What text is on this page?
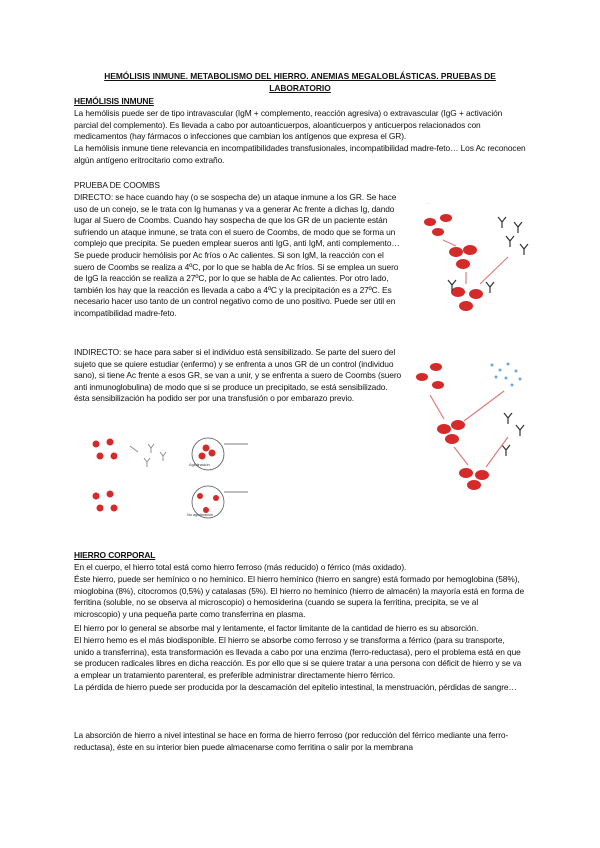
HEMÓLISIS INMUNE. METABOLISMO DEL HIERRO. ANEMIAS MEGALOBLÁSTICAS. PRUEBAS DE LABORATORIO

HEMÓLISIS INMUNE

La hemólisis puede ser de tipo intravascular (IgM + complemento, reacción agresiva) o extravascular (IgG + activación parcial del complemento). Es llevada a cabo por autoanticuerpos, aloanticuerpos y anticuerpos relacionados con medicamentos (hay fármacos o infecciones que cambian los antígenos que expresa el GR).

La hemólisis inmune tiene relevancia en incompatibilidades transfusionales, incompatibilidad madre-feto… Los Ac reconocen algún antígeno eritrocitario como extraño.

PRUEBA DE COOMBS

DIRECTO: se hace cuando hay (o se sospecha de) un ataque inmune a los GR. Se hace uso de un conejo, se le trata con Ig humanas y va a generar Ac frente a dichas Ig, dando lugar al Suero de Coombs. Cuando hay sospecha de que los GR de un paciente están sufriendo un ataque inmune, se trata con el suero de Coombs, de modo que se forma un complejo que precipita. Se pueden emplear sueros anti IgG, anti IgM, anti complemento… Se puede producir hemólisis por Ac fríos o Ac calientes. Si son IgM, la reacción con el suero de Coombs se realiza a 4ºC, por lo que se habla de Ac fríos. Si se emplea un suero de IgG la reacción se realiza a 27ºC, por lo que se habla de Ac calientes. Por otro lado, también los hay que la reacción es llevada a cabo a 4ºC y la precipitación es a 27ºC. Es necesario hacer uso tanto de un control negativo como de uno positivo. Puede ser útil en incompatibilidad madre-feto.

INDIRECTO: se hace para saber si el individuo está sensibilizado. Se parte del suero del sujeto que se quiere estudiar (enfermo) y se enfrenta a unos GR de un control (individuo sano), si tiene Ac frente a esos GR, se van a unir, y se enfrenta a suero de Coombs (suero anti inmunoglobulina) de modo que si se produce un precipitado, se está sensibilizado. ésta sensibilización ha podido ser por una transfusión o por embarazo previo.

…
Aglutinación
No aglutinación

HIERRO CORPORAL

En el cuerpo, el hierro total está como hierro ferroso (más reducido) o férrico (más oxidado).

Éste hierro, puede ser hemínico o no hemínico. El hierro hemínico (hierro en sangre) está formado por hemoglobina (58%), mioglobina (8%), citocromos (0,5%) y catalasas (5%). El hierro no hemínico (hierro de almacén) la mayoría está en forma de ferritina (soluble, no se observa al microscopio) o hemosiderina (cuando se supera la ferritina, precipita, se ve al microscopio) y una pequeña parte como transferrina en plasma.

El hierro por lo general se absorbe mal y lentamente, el factor limitante de la cantidad de hierro es su absorción.

El hierro hemo es el más biodisponible. El hierro se absorbe como ferroso y se transforma a férrico (para su transporte, unido a transferrina), esta transformación es llevada a cabo por una enzima (ferro-reductasa), pero el problema está en que se producen radicales libres en dicha reacción. Es por ello que si se quiere tratar a una persona con déficit de hierro y se va a emplear un tratamiento parenteral, es preferible administrar directamente hierro férrico.

La pérdida de hierro puede ser producida por la descamación del epitelio intestinal, la menstruación, pérdidas de sangre…

La absorción de hierro a nivel intestinal se hace en forma de hierro ferroso (por reducción del férrico mediante una ferro-reductasa), éste en su interior bien puede almacenarse como ferritina o salir por la membrana
